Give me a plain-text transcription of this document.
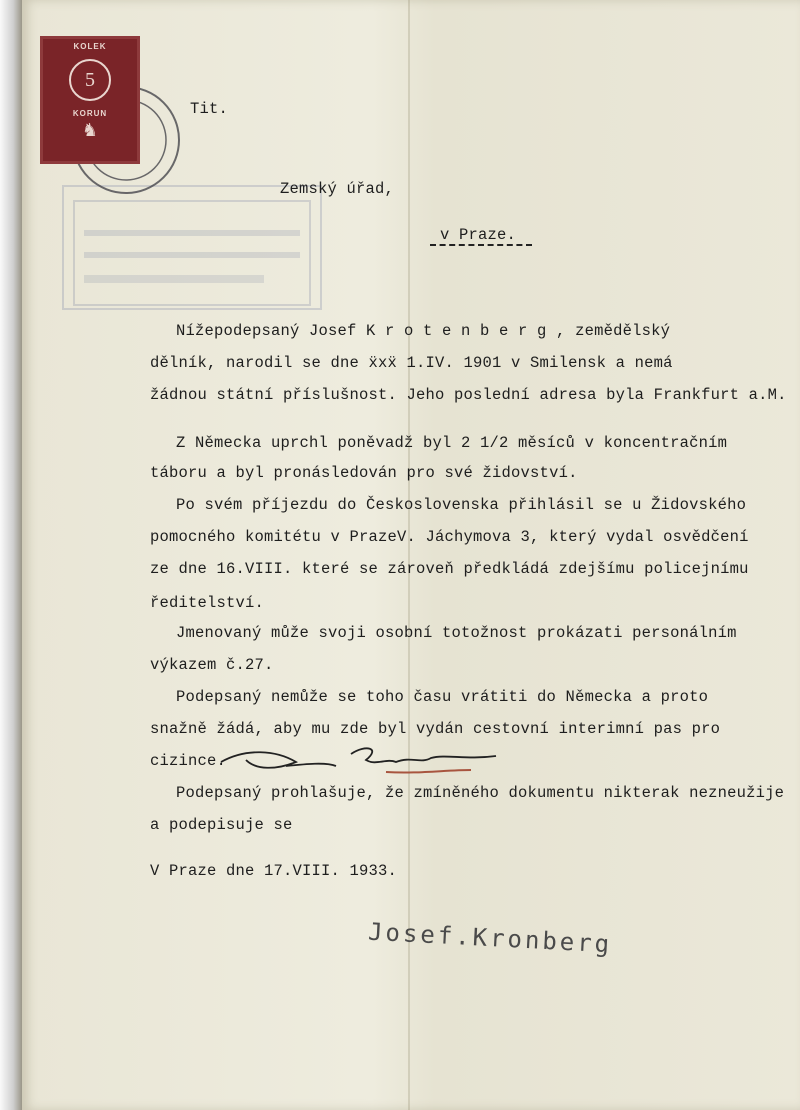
KOLEK
5
KORUN
♞

Tit.

Zemský úřad,

v Praze.

Nížepodepsaný Josef K r o t e n b e r g , zemědělský

dělník, narodil se dne ẍxẍ 1.IV. 1901 v Smilensk a nemá

žádnou státní příslušnost. Jeho poslední adresa byla Frankfurt a.M.

Z Německa uprchl poněvadž byl 2 1/2 měsíců v koncentračním

táboru a byl pronásledován pro své židovství.

Po svém příjezdu do Československa přihlásil se u Židovského

pomocného komitétu v PrazeV. Jáchymova 3, který vydal osvědčení

ze dne 16.VIII. které se zároveň předkládá zdejšímu policejnímu

ředitelství.

Jmenovaný může svoji osobní totožnost prokázati personálním

výkazem č.27.

Podepsaný nemůže se toho času vrátiti do Německa a proto

snažně žádá, aby mu zde byl vydán cestovní interimní pas pro

cizince.

Podepsaný prohlašuje, že zmíněného dokumentu nikterak nezneužije

a podepisuje se

V Praze dne 17.VIII. 1933.

Josef.Kronberg
